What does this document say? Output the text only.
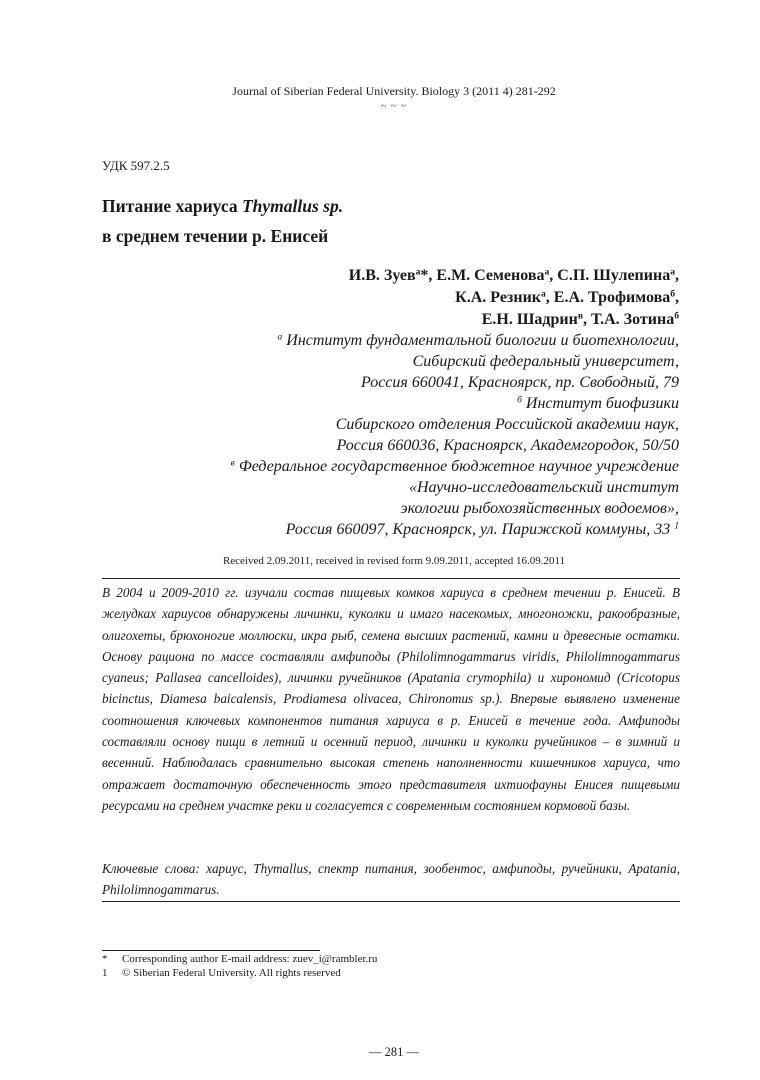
Journal of Siberian Federal University. Biology 3 (2011 4) 281-292
~ ~ ~
УДК 597.2.5
Питание хариуса Thymallus sp.
в среднем течении р. Енисей
И.В. Зуев$^а$*, Е.М. Семенова$^а$, С.П. Шулепина$^а$,
К.А. Резник$^а$, Е.А. Трофимова$^б$,
Е.Н. Шадрин$^в$, Т.А. Зотина$^б$
$^а$ Институт фундаментальной биологии и биотехнологии,
Сибирский федеральный университет,
Россия 660041, Красноярск, пр. Свободный, 79
$^б$ Институт биофизики
Сибирского отделения Российской академии наук,
Россия 660036, Красноярск, Академгородок, 50/50
$^в$ Федеральное государственное бюджетное научное учреждение
«Научно-исследовательский институт
экологии рыбохозяйственных водоемов»,
Россия 660097, Красноярск, ул. Парижской коммуны, 33 $^1$
Received 2.09.2011, received in revised form 9.09.2011, accepted 16.09.2011
В 2004 и 2009-2010 гг. изучали состав пищевых комков хариуса в среднем течении р. Енисей. В желудках хариусов обнаружены личинки, куколки и имаго насекомых, многоножки, ракообразные, олигохеты, брюхоногие моллюски, икра рыб, семена высших растений, камни и древесные остатки. Основу рациона по массе составляли амфиподы (Philolimnogammarus viridis, Philolimnogammarus cyaneus; Pallasea cancelloides), личинки ручейников (Apatania crymophila) и хирономид (Cricotopus bicinctus, Diamesa baicalensis, Prodiamesa olivacea, Chironomus sp.). Впервые выявлено изменение соотношения ключевых компонентов питания хариуса в р. Енисей в течение года. Амфиподы составляли основу пищи в летний и осенний период, личинки и куколки ручейников – в зимний и весенний. Наблюдалась сравнительно высокая степень наполненности кишечников хариуса, что отражает достаточную обеспеченность этого представителя ихтиофауны Енисея пищевыми ресурсами на среднем участке реки и согласуется с современным состоянием кормовой базы.
Ключевые слова: хариус, Thymallus, спектр питания, зообентос, амфиподы, ручейники, Apatania, Philolimnogammarus.
* Corresponding author E-mail address: zuev_i@rambler.ru
1 © Siberian Federal University. All rights reserved
— 281 —
